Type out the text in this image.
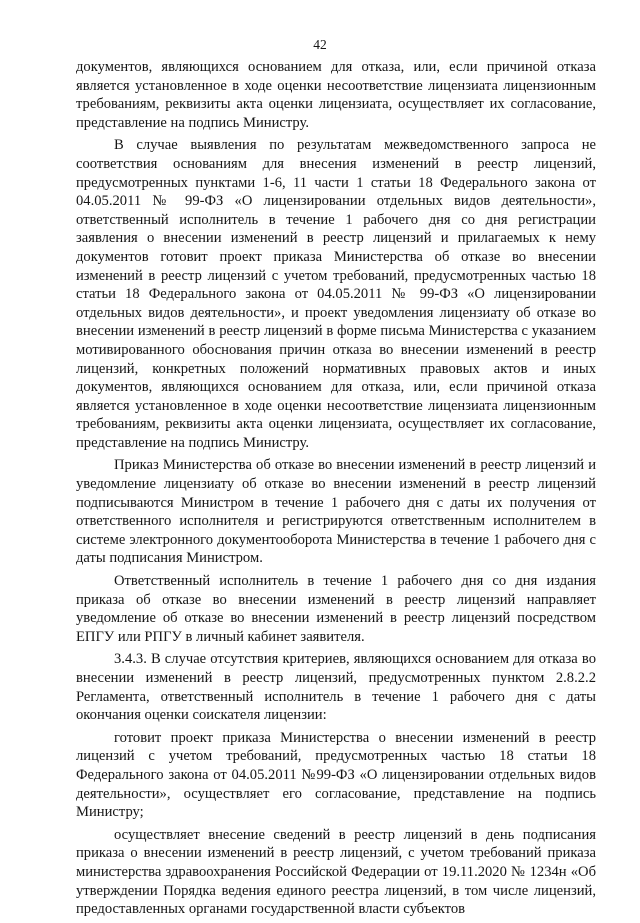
42

документов, являющихся основанием для отказа, или, если причиной отказа является установленное в ходе оценки несоответствие лицензиата лицензионным требованиям, реквизиты акта оценки лицензиата, осуществляет их согласование, представление на подпись Министру.

В случае выявления по результатам межведомственного запроса не соответствия основаниям для внесения изменений в реестр лицензий, предусмотренных пунктами 1-6, 11 части 1 статьи 18 Федерального закона от 04.05.2011 № 99-ФЗ «О лицензировании отдельных видов деятельности», ответственный исполнитель в течение 1 рабочего дня со дня регистрации заявления о внесении изменений в реестр лицензий и прилагаемых к нему документов готовит проект приказа Министерства об отказе во внесении изменений в реестр лицензий с учетом требований, предусмотренных частью 18 статьи 18 Федерального закона от 04.05.2011 № 99-ФЗ «О лицензировании отдельных видов деятельности», и проект уведомления лицензиату об отказе во внесении изменений в реестр лицензий в форме письма Министерства с указанием мотивированного обоснования причин отказа во внесении изменений в реестр лицензий, конкретных положений нормативных правовых актов и иных документов, являющихся основанием для отказа, или, если причиной отказа является установленное в ходе оценки несоответствие лицензиата лицензионным требованиям, реквизиты акта оценки лицензиата, осуществляет их согласование, представление на подпись Министру.

Приказ Министерства об отказе во внесении изменений в реестр лицензий и уведомление лицензиату об отказе во внесении изменений в реестр лицензий подписываются Министром в течение 1 рабочего дня с даты их получения от ответственного исполнителя и регистрируются ответственным исполнителем в системе электронного документооборота Министерства в течение 1 рабочего дня с даты подписания Министром.

Ответственный исполнитель в течение 1 рабочего дня со дня издания приказа об отказе во внесении изменений в реестр лицензий направляет уведомление об отказе во внесении изменений в реестр лицензий посредством ЕПГУ или РПГУ в личный кабинет заявителя.

3.4.3. В случае отсутствия критериев, являющихся основанием для отказа во внесении изменений в реестр лицензий, предусмотренных пунктом 2.8.2.2 Регламента, ответственный исполнитель в течение 1 рабочего дня с даты окончания оценки соискателя лицензии:

готовит проект приказа Министерства о внесении изменений в реестр лицензий с учетом требований, предусмотренных частью 18 статьи 18 Федерального закона от 04.05.2011 №99-ФЗ «О лицензировании отдельных видов деятельности», осуществляет его согласование, представление на подпись Министру;

осуществляет внесение сведений в реестр лицензий в день подписания приказа о внесении изменений в реестр лицензий, с учетом требований приказа министерства здравоохранения Российской Федерации от 19.11.2020 № 1234н «Об утверждении Порядка ведения единого реестра лицензий, в том числе лицензий, предоставленных органами государственной власти субъектов
